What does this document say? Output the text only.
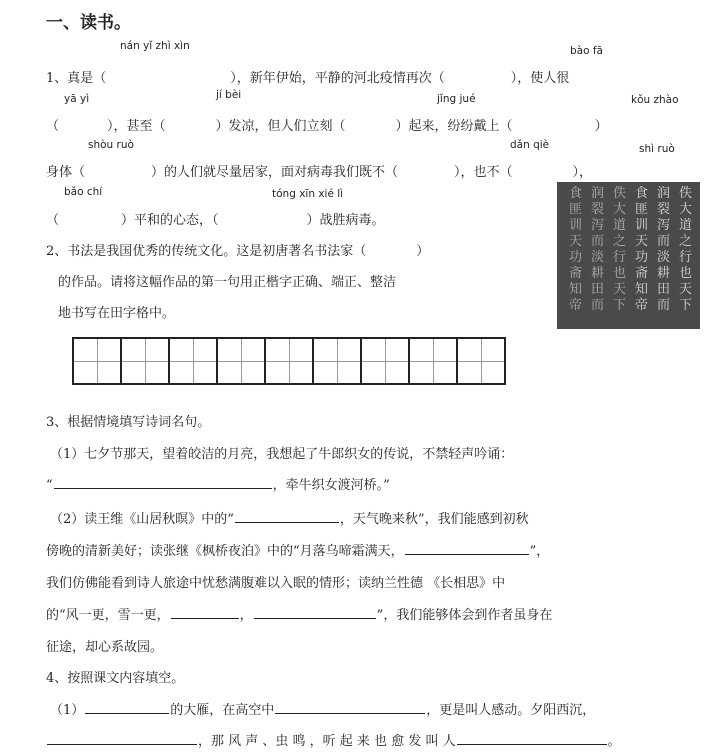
一、读书。
nán yǐ zhì xìn	bào fā
1、真是（	），新年伊始，平静的河北疫情再次（	），使人很
yā yì	jí bèi	jǐng jué	kǒu zhào
（	），甚至（	）发凉，但人们立刻（	）起来，纷纷戴上（	）
shòu ruò	dǎn qiè	shì ruò
身体（	）的人们就尽量居家，面对病毒我们既不（	），也不（	），
bǎo chí	tóng xīn xié lì
（	）平和的心态，（	）战胜病毒。
2、书法是我国优秀的传统文化。这是初唐著名书法家（	）
的作品。请将这幅作品的第一句用正楷字正确、端正、整洁
地书写在田字格中。
佚
大
道
之
行
也
天
下
润
裂
泻
而
淡
耕
田
而
食
匪
训
天
功
斋
知
帝
佚
大
道
之
行
也
天
下
润
裂
泻
而
淡
耕
田
而
食
匪
训
天
功
斋
知
帝
3、根据情境填写诗词名句。
（1）七夕节那天，望着皎洁的月亮，我想起了牛郎织女的传说，不禁轻声吟诵：
“	，牵牛织女渡河桥。”
（2）读王维《山居秋暝》中的“	，天气晚来秋”，我们能感到初秋
傍晚的清新美好；读张继《枫桥夜泊》中的“月落乌啼霜满天，	”，
我们仿佛能看到诗人旅途中忧愁满腹难以入眠的情形；读纳兰性德 《长相思》中
的“风一更，雪一更，	，	”，我们能够体会到作者虽身在
征途，却心系故园。
4、按照课文内容填空。
（1）	的大雁，在高空中	，更是叫人感动。夕阳西沉，
，那 风 声 、虫 鸣 ，听 起 来 也 愈 发 叫 人	。
